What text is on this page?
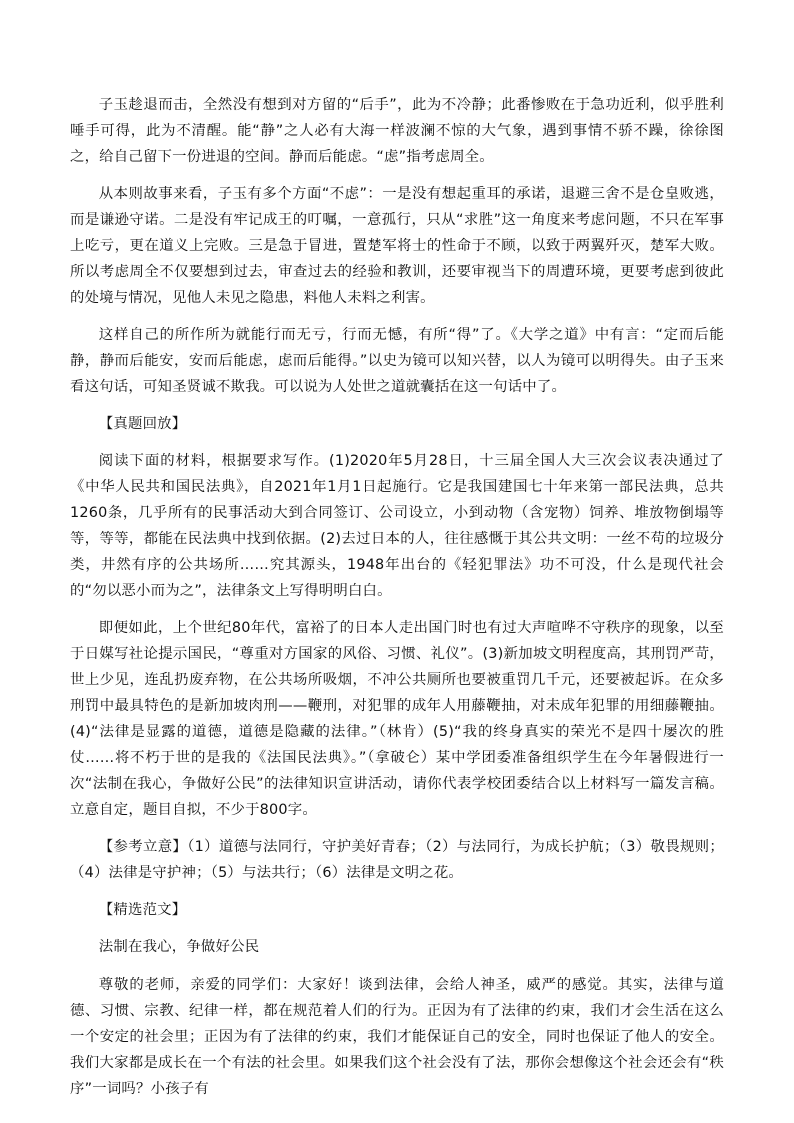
子玉趁退而击，全然没有想到对方留的“后手”，此为不冷静；此番惨败在于急功近利，似乎胜利唾手可得，此为不清醒。能“静”之人必有大海一样波澜不惊的大气象，遇到事情不骄不躁，徐徐图之，给自己留下一份进退的空间。静而后能虑。“虑”指考虑周全。

从本则故事来看，子玉有多个方面“不虑”：一是没有想起重耳的承诺，退避三舍不是仓皇败逃，而是谦逊守诺。二是没有牢记成王的叮嘱，一意孤行，只从“求胜”这一角度来考虑问题，不只在军事上吃亏，更在道义上完败。三是急于冒进，置楚军将士的性命于不顾，以致于两翼歼灭，楚军大败。所以考虑周全不仅要想到过去，审查过去的经验和教训，还要审视当下的周遭环境，更要考虑到彼此的处境与情况，见他人未见之隐患，料他人未料之利害。

这样自己的所作所为就能行而无亏，行而无憾，有所“得”了。《大学之道》中有言：“定而后能静，静而后能安，安而后能虑，虑而后能得。”以史为镜可以知兴替，以人为镜可以明得失。由子玉来看这句话，可知圣贤诚不欺我。可以说为人处世之道就囊括在这一句话中了。

【真题回放】

阅读下面的材料，根据要求写作。(1)2020年5月28日，十三届全国人大三次会议表决通过了《中华人民共和国民法典》，自2021年1月1日起施行。它是我国建国七十年来第一部民法典，总共1260条，几乎所有的民事活动大到合同签订、公司设立，小到动物（含宠物）饲养、堆放物倒塌等等，等等，都能在民法典中找到依据。(2)去过日本的人，往往感慨于其公共文明：一丝不苟的垃圾分类，井然有序的公共场所……究其源头，1948年出台的《轻犯罪法》功不可没，什么是现代社会的“勿以恶小而为之”，法律条文上写得明明白白。

即便如此，上个世纪80年代，富裕了的日本人走出国门时也有过大声喧哗不守秩序的现象，以至于日媒写社论提示国民，“尊重对方国家的风俗、习惯、礼仪”。(3)新加坡文明程度高，其刑罚严苛，世上少见，连乱扔废弃物，在公共场所吸烟，不冲公共厕所也要被重罚几千元，还要被起诉。在众多刑罚中最具特色的是新加坡肉刑——鞭刑，对犯罪的成年人用藤鞭抽，对未成年犯罪的用细藤鞭抽。(4)“法律是显露的道德，道德是隐藏的法律。”（林肯）(5)“我的终身真实的荣光不是四十屡次的胜仗……将不朽于世的是我的《法国民法典》。”（拿破仑）某中学团委准备组织学生在今年暑假进行一次“法制在我心，争做好公民”的法律知识宣讲活动，请你代表学校团委结合以上材料写一篇发言稿。立意自定，题目自拟，不少于800字。

【参考立意】（1）道德与法同行，守护美好青春；（2）与法同行，为成长护航；（3）敬畏规则；（4）法律是守护神；（5）与法共行；（6）法律是文明之花。

【精选范文】

法制在我心，争做好公民

尊敬的老师，亲爱的同学们：大家好！谈到法律，会给人神圣，威严的感觉。其实，法律与道德、习惯、宗教、纪律一样，都在规范着人们的行为。正因为有了法律的约束，我们才会生活在这么一个安定的社会里；正因为有了法律的约束，我们才能保证自己的安全，同时也保证了他人的安全。我们大家都是成长在一个有法的社会里。如果我们这个社会没有了法，那你会想像这个社会还会有“秩序”一词吗？小孩子有
